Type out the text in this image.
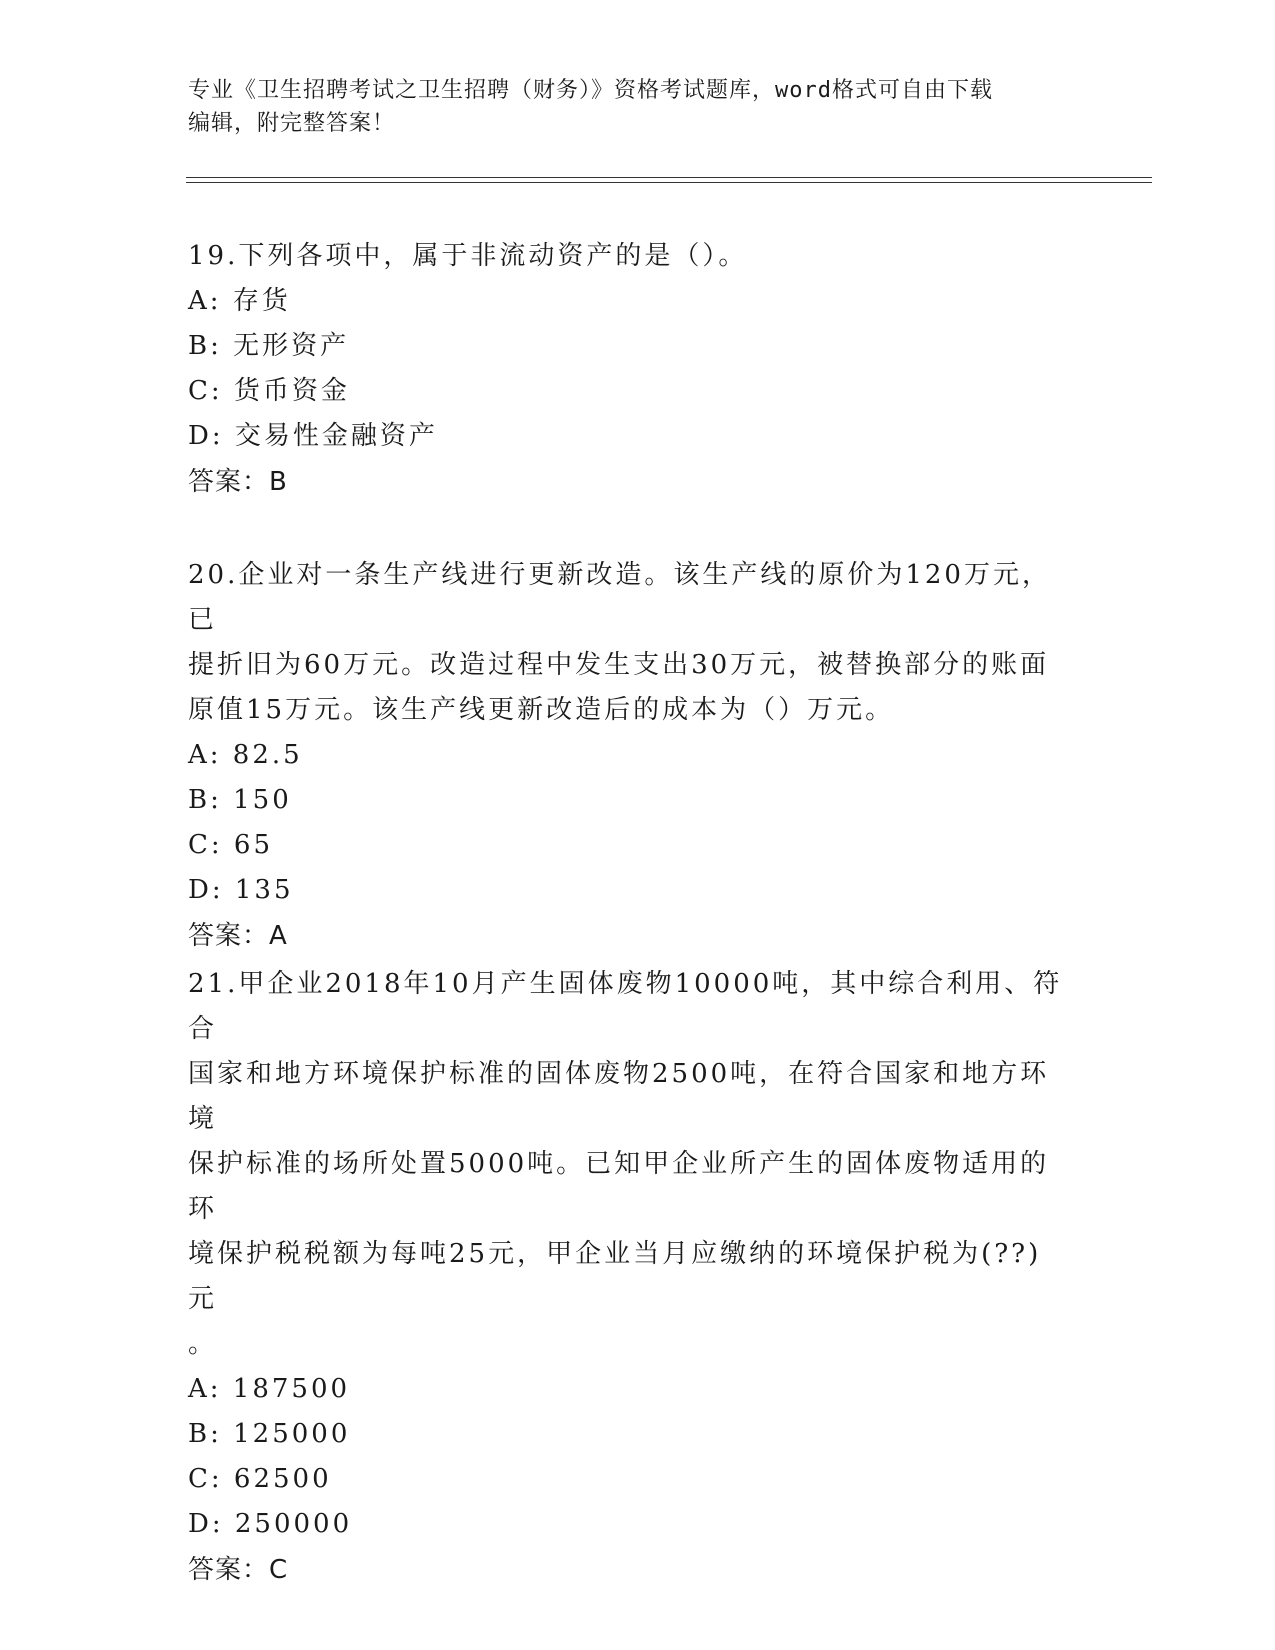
专业《卫生招聘考试之卫生招聘（财务）》资格考试题库，word格式可自由下载
编辑，附完整答案！

19.下列各项中，属于非流动资产的是（）。

A: 存货

B: 无形资产

C: 货币资金

D: 交易性金融资产

答案：B

20.企业对一条生产线进行更新改造。该生产线的原价为120万元，已

提折旧为60万元。改造过程中发生支出30万元，被替换部分的账面

原值15万元。该生产线更新改造后的成本为（）万元。

A: 82.5

B: 150

C: 65

D: 135

答案：A

21.甲企业2018年10月产生固体废物10000吨，其中综合利用、符合

国家和地方环境保护标准的固体废物2500吨，在符合国家和地方环境

保护标准的场所处置5000吨。已知甲企业所产生的固体废物适用的环

境保护税税额为每吨25元，甲企业当月应缴纳的环境保护税为(??)元

。

A: 187500

B: 125000

C: 62500

D: 250000

答案：C
